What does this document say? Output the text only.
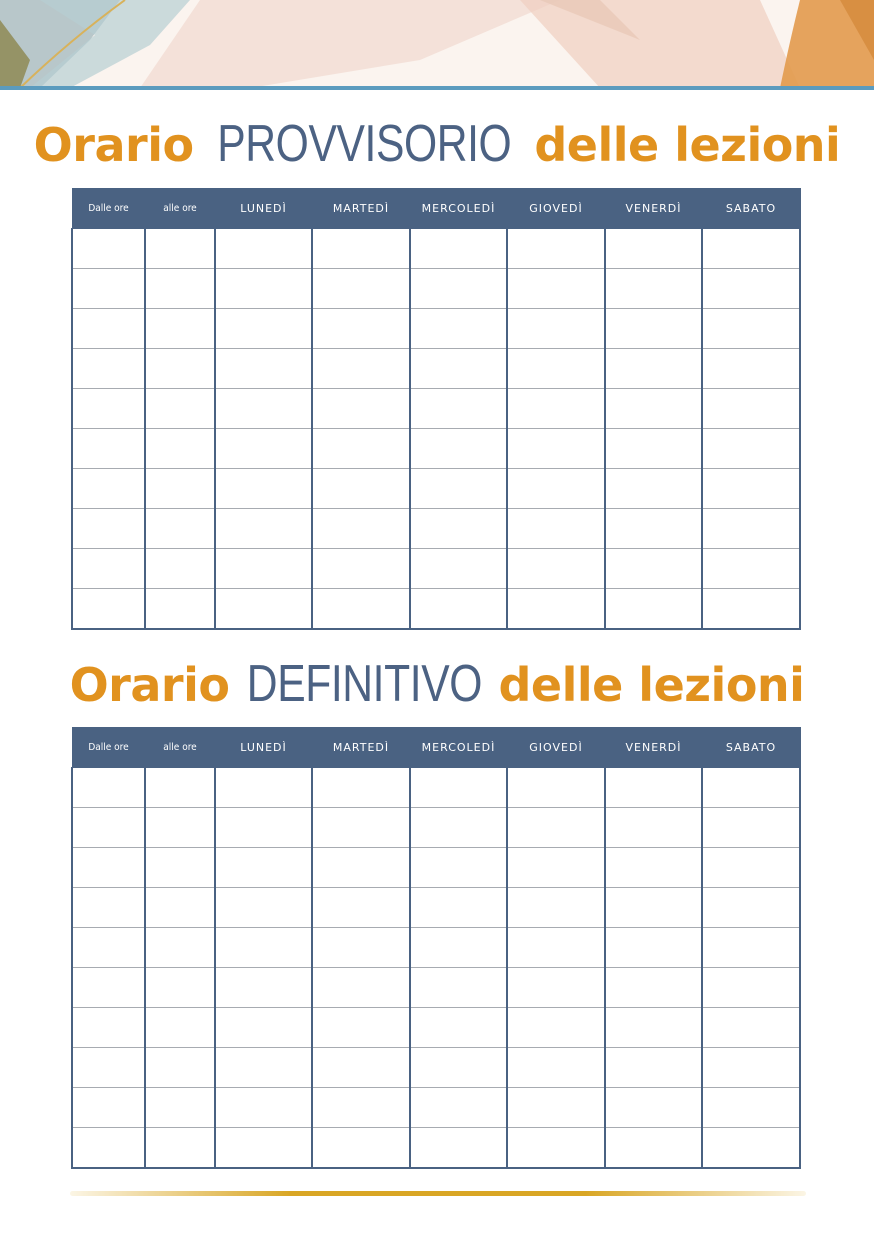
Orario PROVVISORIO delle lezioni
Dalle ore	alle ore	LUNEDÌ	MARTEDÌ	MERCOLEDÌ	GIOVEDÌ	VENERDÌ	SABATO

Orario DEFINITIVO delle lezioni
Dalle ore	alle ore	LUNEDÌ	MARTEDÌ	MERCOLEDÌ	GIOVEDÌ	VENERDÌ	SABATO
